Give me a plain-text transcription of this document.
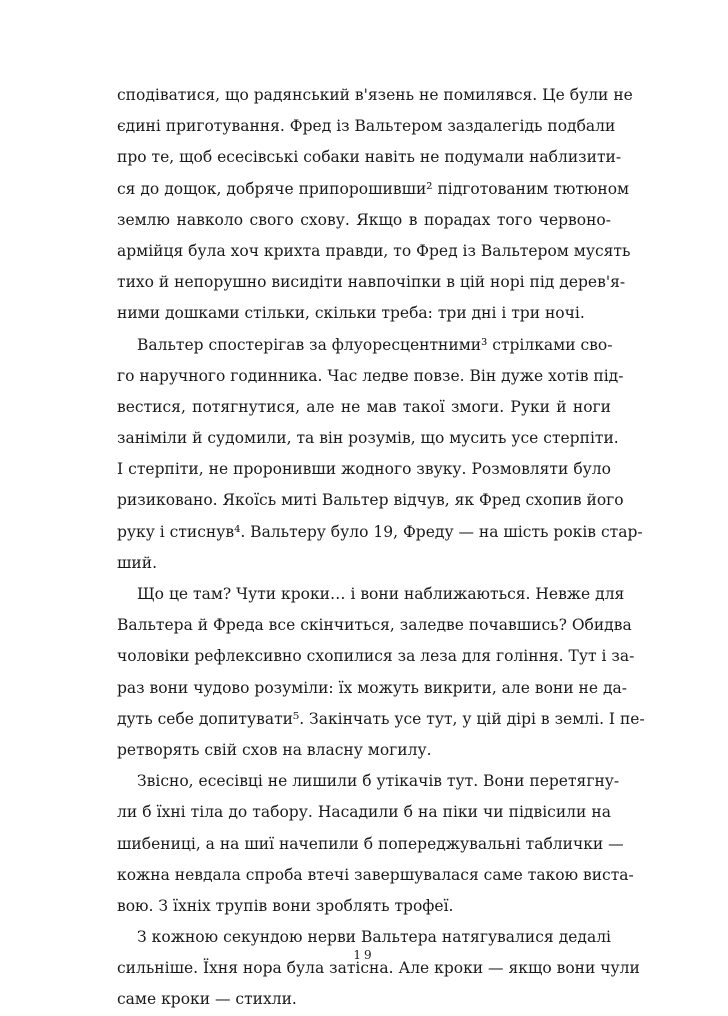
сподіватися, що радянський в'язень не помилявся. Це були не
єдині приготування. Фред із Вальтером заздалегідь подбали
про те, щоб есесівські собаки навіть не подумали наблизити-
ся до дощок, добряче припорошивши² підготованим тютюном
землю навколо свого схову. Якщо в порадах того червоно-
армійця була хоч крихта правди, то Фред із Вальтером мусять
тихо й непорушно висидіти навпочіпки в цій норі під дерев'я-
ними дошками стільки, скільки треба: три дні і три ночі.
Вальтер спостерігав за флуоресцентними³ стрілками сво-
го наручного годинника. Час ледве повзе. Він дуже хотів під-
вестися, потягнутися, але не мав такої змоги. Руки й ноги
заніміли й судомили, та він розумів, що мусить усе стерпіти.
І стерпіти, не проронивши жодного звуку. Розмовляти було
ризиковано. Якоїсь миті Вальтер відчув, як Фред схопив його
руку і стиснув⁴. Вальтеру було 19, Фреду — на шість років стар-
ший.
Що це там? Чути кроки… і вони наближаються. Невже для
Вальтера й Фреда все скінчиться, заледве почавшись? Обидва
чоловіки рефлексивно схопилися за леза для гоління. Тут і за-
раз вони чудово розуміли: їх можуть викрити, але вони не да-
дуть себе допитувати⁵. Закінчать усе тут, у цій дірі в землі. І пе-
ретворять свій схов на власну могилу.
Звісно, есесівці не лишили б утікачів тут. Вони перетягну-
ли б їхні тіла до табору. Насадили б на піки чи підвісили на
шибениці, а на шиї начепили б попереджувальні таблички —
кожна невдала спроба втечі завершувалася саме такою вистa-
вою. З їхніх трупів вони зроблять трофеї.
З кожною секундою нерви Вальтера натягувалися дедалі
сильніше. Їхня нора була затісна. Але кроки — якщо вони чули
саме кроки — стихли.
19
